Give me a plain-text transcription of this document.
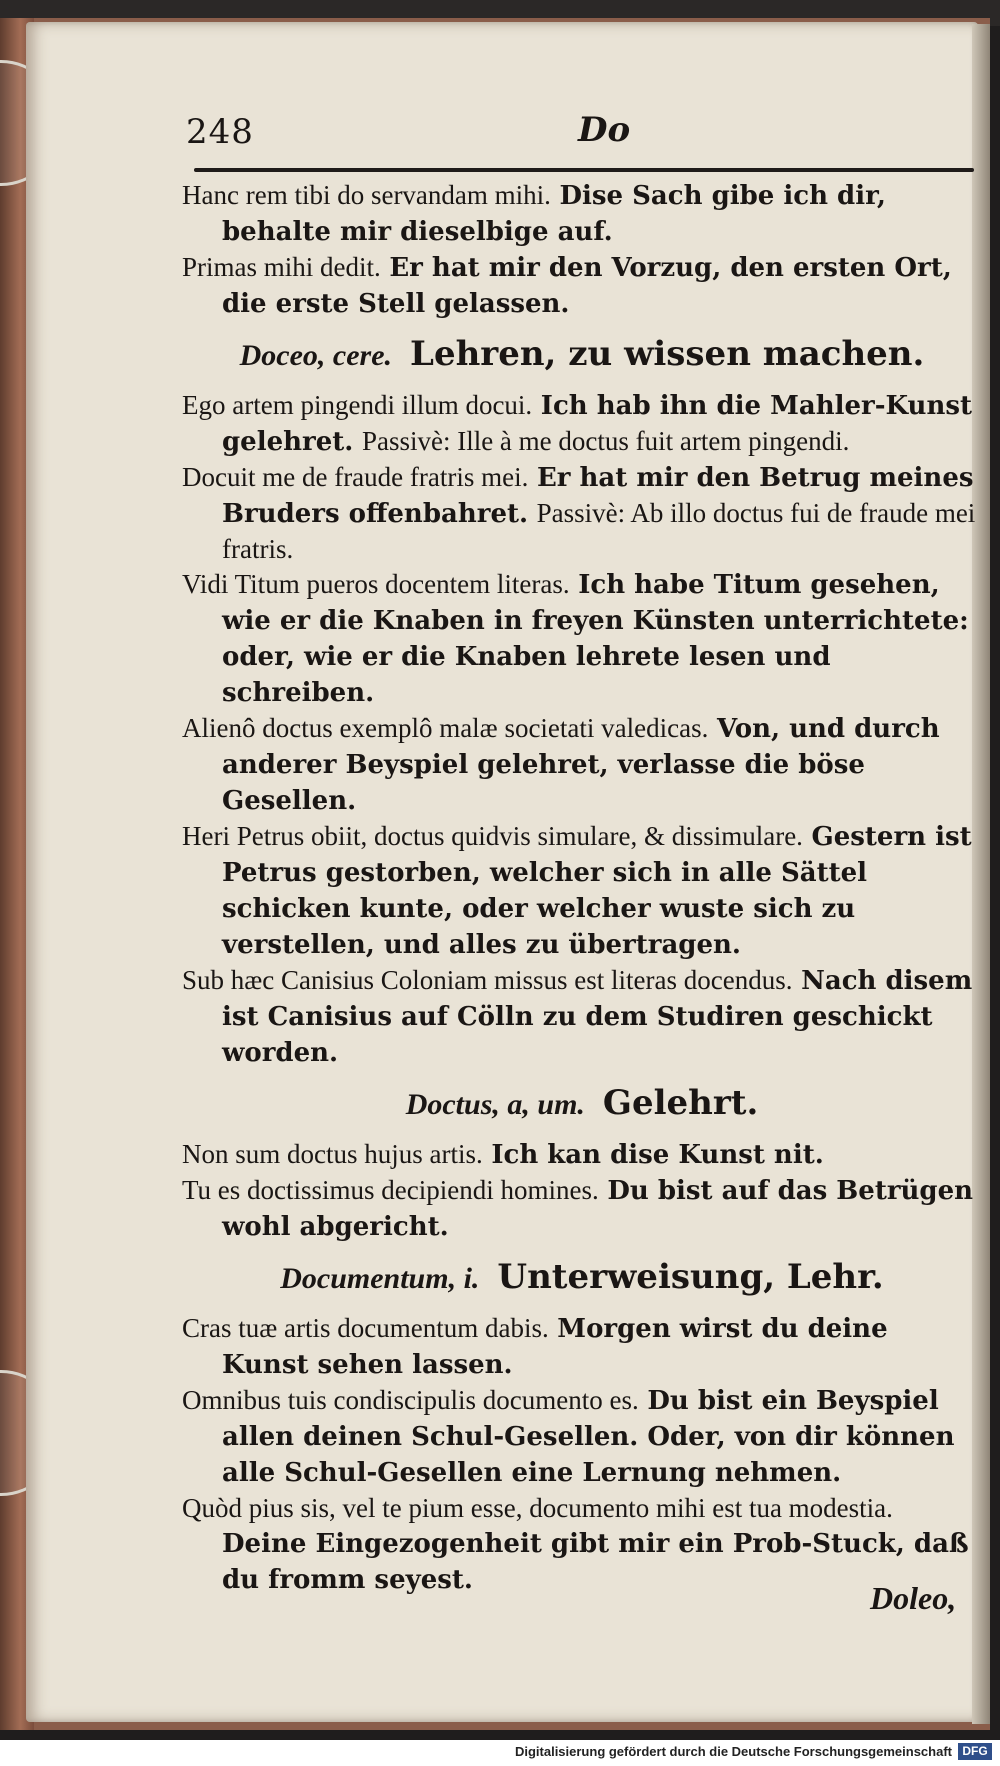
248	Do

Hanc rem tibi do servandam mihi. Dise Sach gibe ich dir, behalte mir dieselbige auf.

Primas mihi dedit. Er hat mir den Vorzug, den ersten Ort, die erste Stell gelassen.

Doceo, cere. Lehren, zu wissen machen.

Ego artem pingendi illum docui. Ich hab ihn die Mahler-Kunst gelehret. Passivè: Ille à me doctus fuit artem pingendi.

Docuit me de fraude fratris mei. Er hat mir den Betrug meines Bruders offenbahret. Passivè: Ab illo doctus fui de fraude mei fratris.

Vidi Titum pueros docentem literas. Ich habe Titum gesehen, wie er die Knaben in freyen Künsten unterrichtete: oder, wie er die Knaben lehrete lesen und schreiben.

Alienô doctus exemplô malæ societati valedicas. Von, und durch anderer Beyspiel gelehret, verlasse die böse Gesellen.

Heri Petrus obiit, doctus quidvis simulare, & dissimulare. Gestern ist Petrus gestorben, welcher sich in alle Sättel schicken kunte, oder welcher wuste sich zu verstellen, und alles zu übertragen.

Sub hæc Canisius Coloniam missus est literas docendus. Nach disem ist Canisius auf Cölln zu dem Studiren geschickt worden.

Doctus, a, um. Gelehrt.

Non sum doctus hujus artis. Ich kan dise Kunst nit.

Tu es doctissimus decipiendi homines. Du bist auf das Betrügen wohl abgericht.

Documentum, i. Unterweisung, Lehr.

Cras tuæ artis documentum dabis. Morgen wirst du deine Kunst sehen lassen.

Omnibus tuis condiscipulis documento es. Du bist ein Beyspiel allen deinen Schul-Gesellen. Oder, von dir können alle Schul-Gesellen eine Lernung nehmen.

Quòd pius sis, vel te pium esse, documento mihi est tua modestia. Deine Eingezogenheit gibt mir ein Prob-Stuck, daß du fromm seyest.	Doleo,
Digitalisierung gefördert durch die Deutsche Forschungsgemeinschaft DFG
